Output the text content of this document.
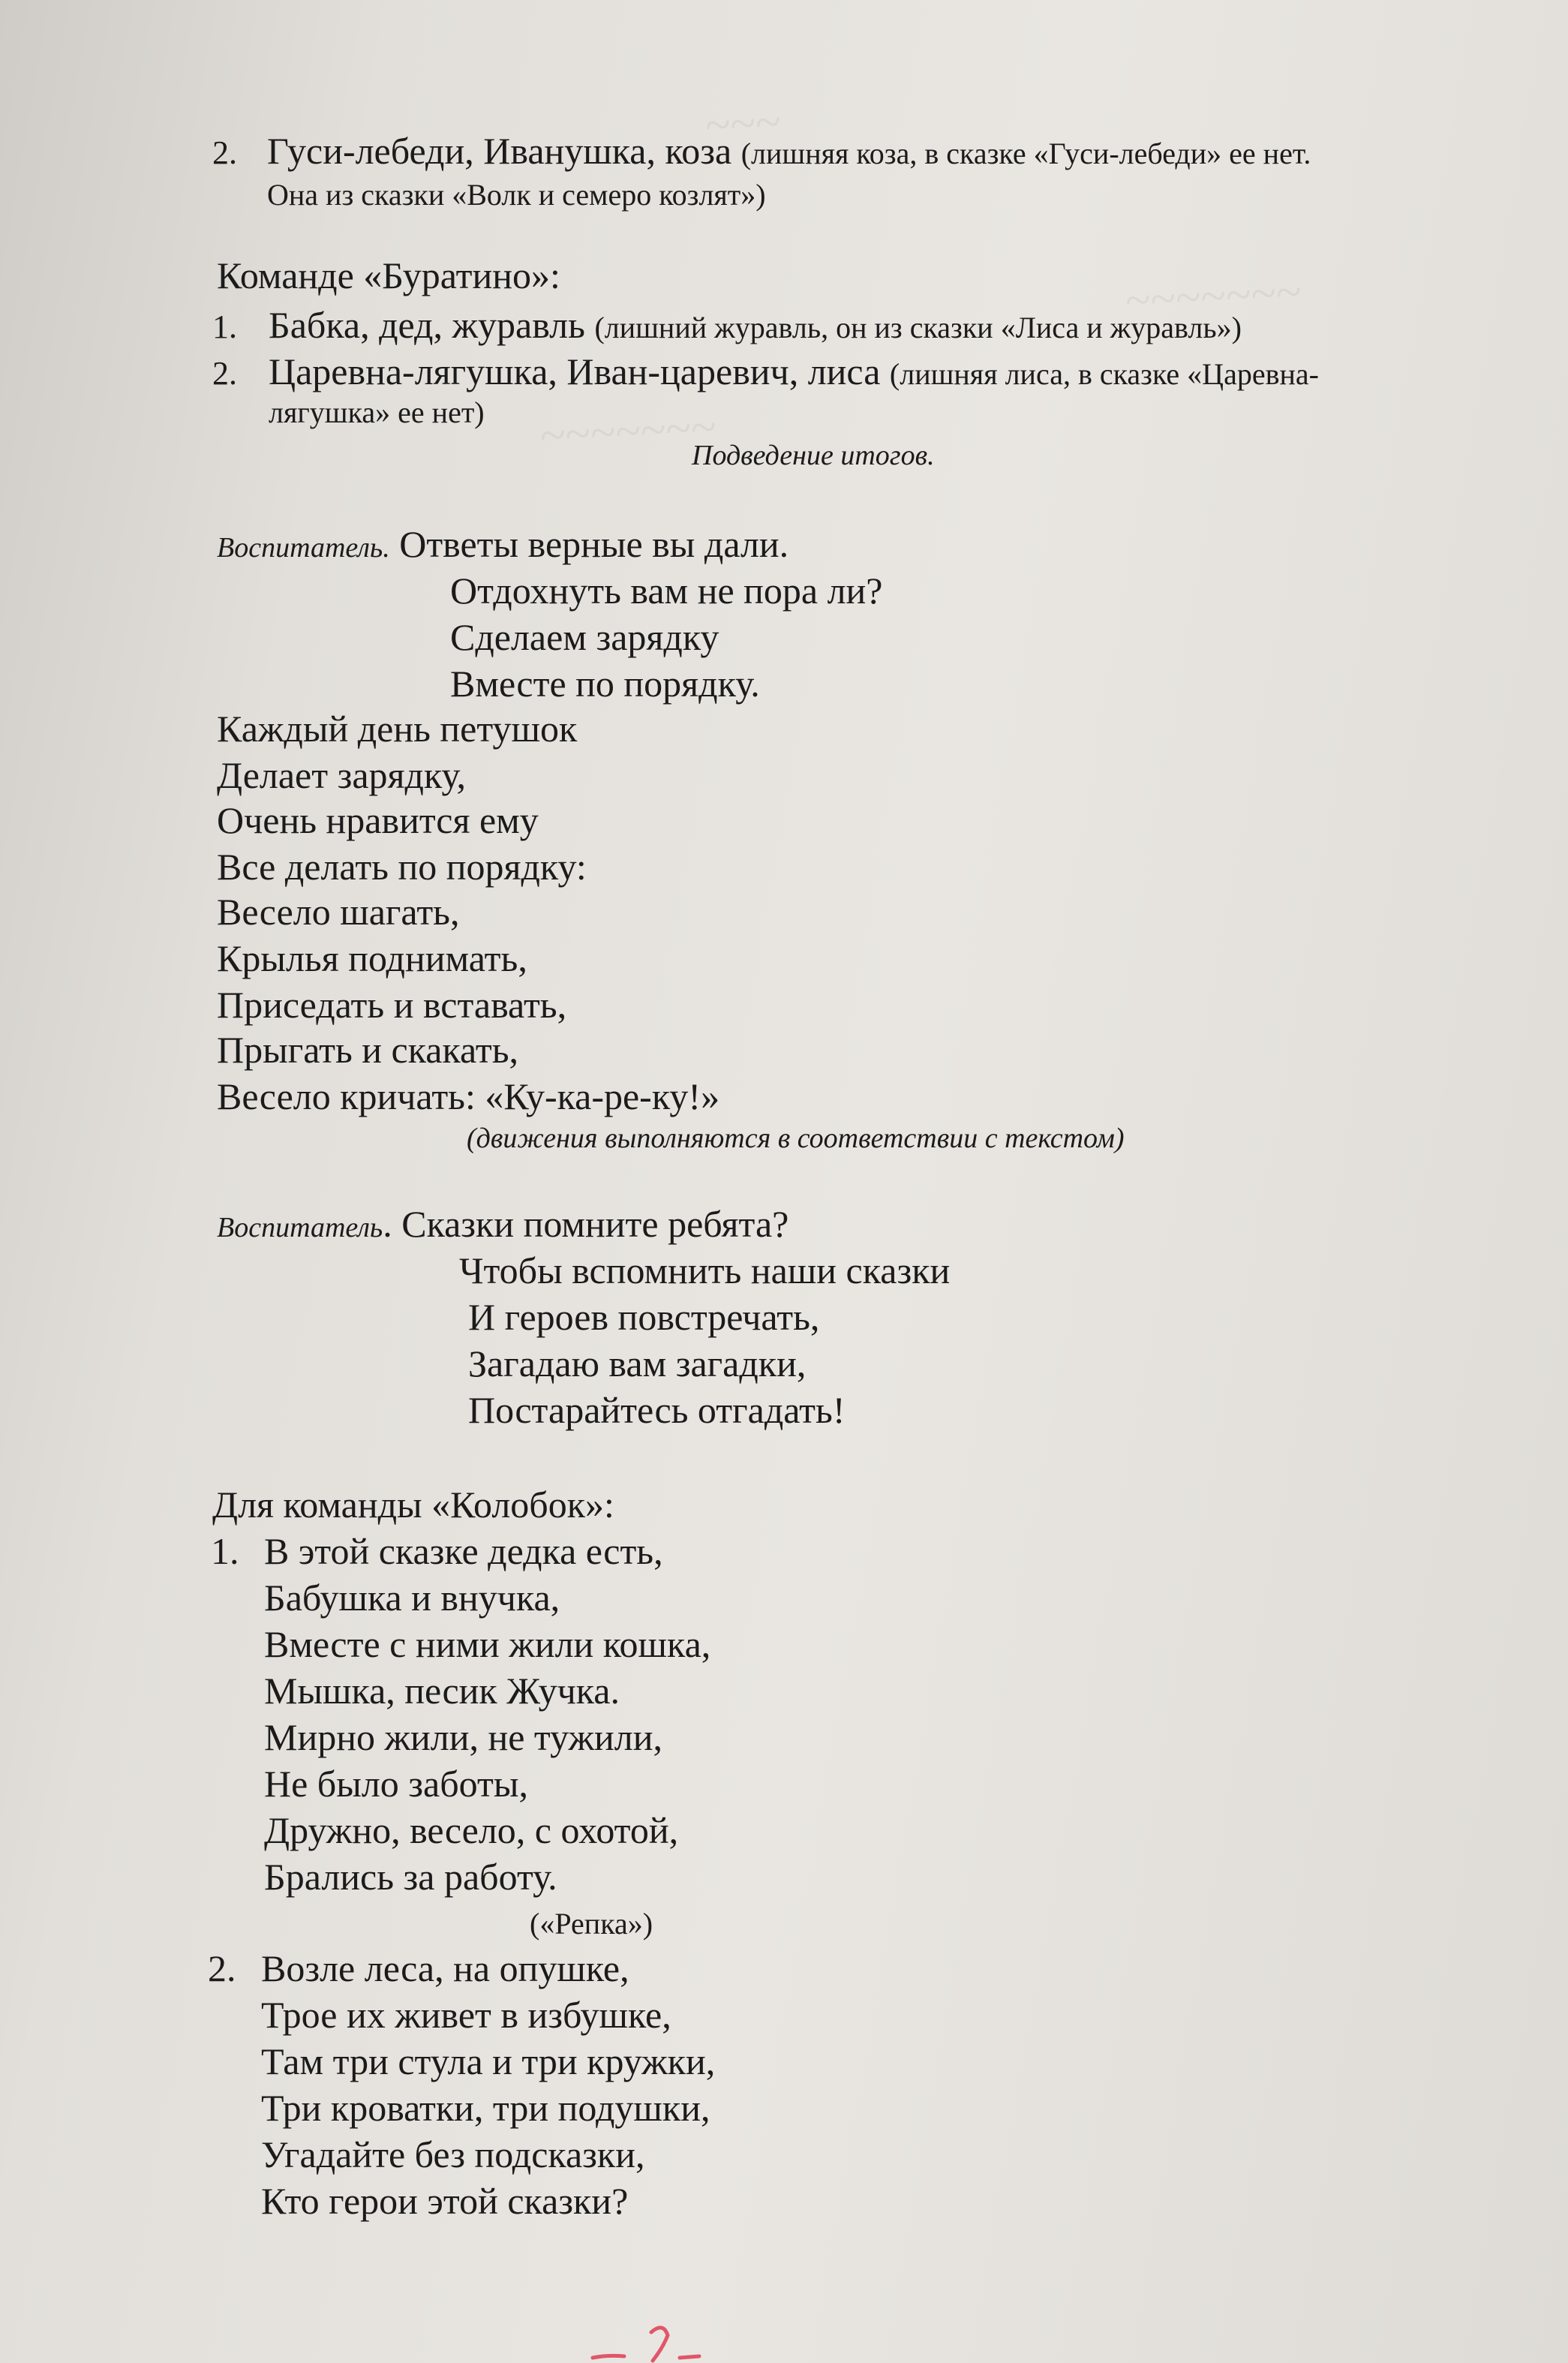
~~~
~~~~~~~
~~~~~~~
2. Гуси-лебеди, Иванушка, коза (лишняя коза, в сказке «Гуси-лебеди» ее нет.
Она из сказки «Волк и семеро козлят»)
Команде «Буратино»:
1. Бабка, дед, журавль (лишний журавль, он из сказки «Лиса и журавль»)
2. Царевна-лягушка, Иван-царевич, лиса (лишняя лиса, в сказке «Царевна-
лягушка» ее нет)
Подведение итогов.
Воспитатель. Ответы верные вы дали.
Отдохнуть вам не пора ли?
Сделаем зарядку
Вместе по порядку.
Каждый день петушок
Делает зарядку,
Очень нравится ему
Все делать по порядку:
Весело шагать,
Крылья поднимать,
Приседать и вставать,
Прыгать и скакать,
Весело кричать: «Ку-ка-ре-ку!»
(движения выполняются в соответствии с текстом)
Воспитатель. Сказки помните ребята?
Чтобы вспомнить наши сказки
И героев повстречать,
Загадаю вам загадки,
Постарайтесь отгадать!
Для команды «Колобок»:
1. В этой сказке дедка есть,
Бабушка и внучка,
Вместе с ними жили кошка,
Мышка, песик Жучка.
Мирно жили, не тужили,
Не было заботы,
Дружно, весело, с охотой,
Брались за работу.
(«Репка»)
2. Возле леса, на опушке,
Трое их живет в избушке,
Там три стула и три кружки,
Три кроватки, три подушки,
Угадайте без подсказки,
Кто герои этой сказки?
